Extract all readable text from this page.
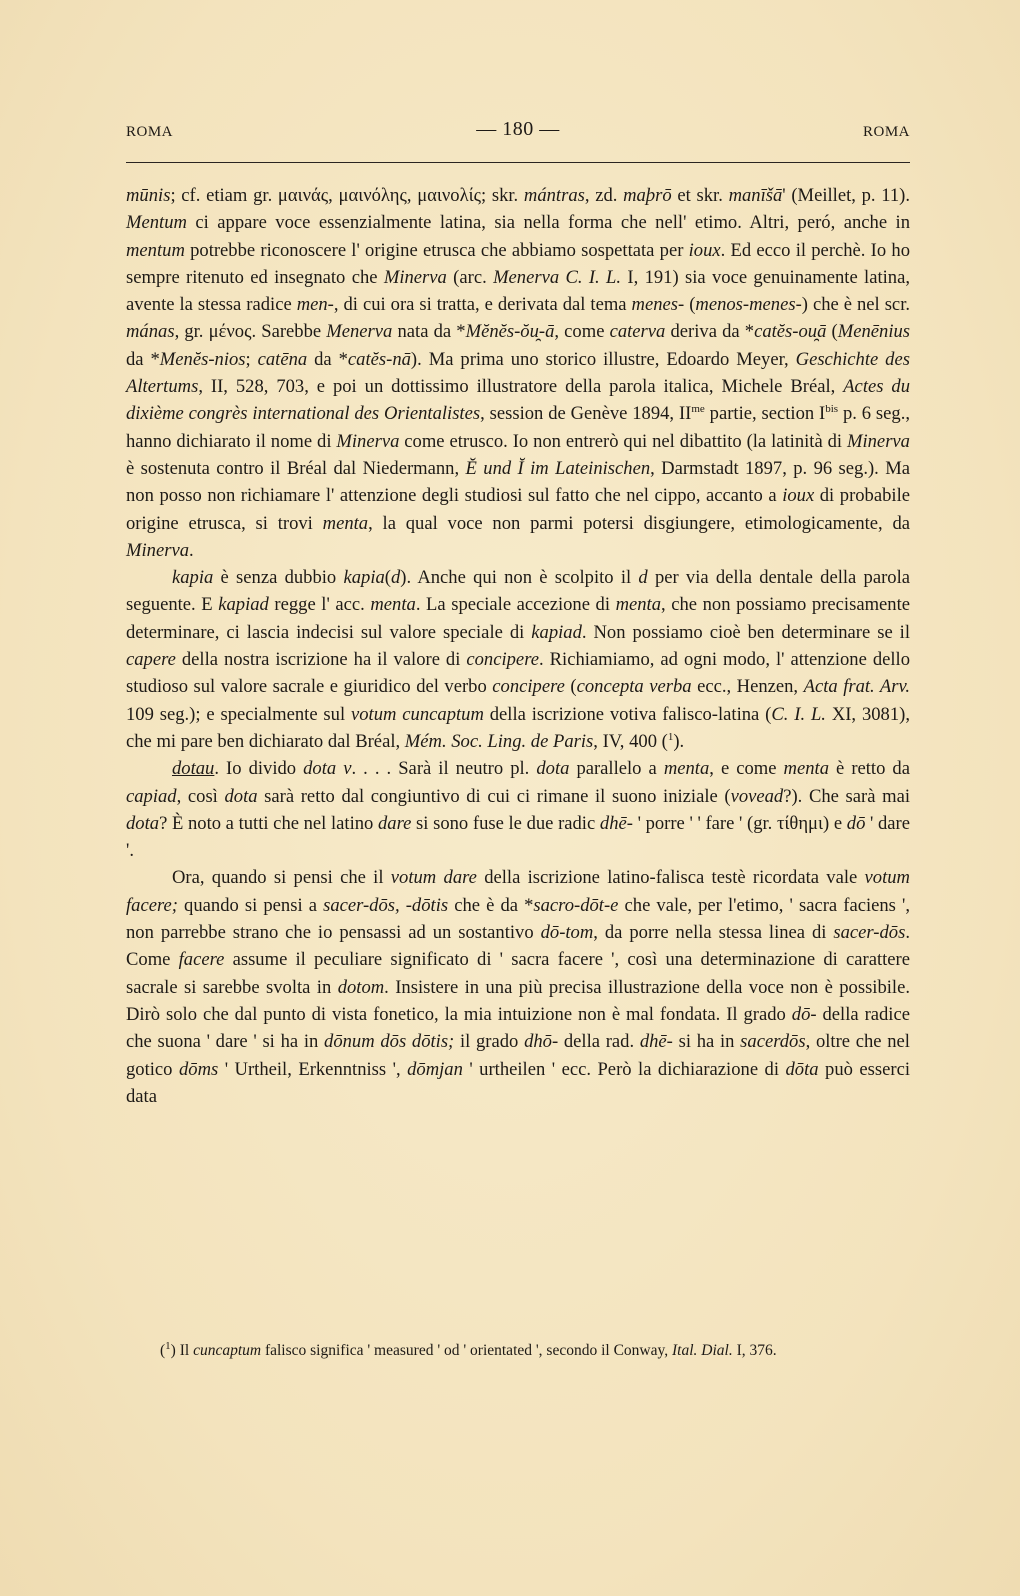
ROMA	— 180 —	ROMA

mūnis; cf. etiam gr. μαινάς, μαινόλης, μαινολίς; skr. mántras, zd. maþrō et skr. manīšā' (Meillet, p. 11). Mentum ci appare voce essenzialmente latina, sia nella forma che nell' etimo. Altri, peró, anche in mentum potrebbe riconoscere l' origine etrusca che abbiamo sospettata per ioux. Ed ecco il perchè. Io ho sempre ritenuto ed insegnato che Minerva (arc. Menerva C. I. L. I, 191) sia voce genuinamente latina, avente la stessa radice men-, di cui ora si tratta, e derivata dal tema menes- (menos-menes-) che è nel scr. mánas, gr. μένος. Sarebbe Menerva nata da *Mĕnĕs-ŏu̯-ā, come caterva deriva da *catĕs-ou̯ā (Menēnius da *Menĕs-nios; catēna da *catĕs-nā). Ma prima uno storico illustre, Edoardo Meyer, Geschichte des Altertums, II, 528, 703, e poi un dottissimo illustratore della parola italica, Michele Bréal, Actes du dixième congrès international des Orientalistes, session de Genève 1894, $II^{me}$ partie, section $I^{bis}$ p. 6 seg., hanno dichiarato il nome di Minerva come etrusco. Io non entrerò qui nel dibattito (la latinità di Minerva è sostenuta contro il Bréal dal Niedermann, Ĕ und Ĭ im Lateinischen, Darmstadt 1897, p. 96 seg.). Ma non posso non richiamare l' attenzione degli studiosi sul fatto che nel cippo, accanto a ioux di probabile origine etrusca, si trovi menta, la qual voce non parmi potersi disgiungere, etimologicamente, da Minerva.

kapia è senza dubbio kapia(d). Anche qui non è scolpito il d per via della dentale della parola seguente. E kapiad regge l' acc. menta. La speciale accezione di menta, che non possiamo precisamente determinare, ci lascia indecisi sul valore speciale di kapiad. Non possiamo cioè ben determinare se il capere della nostra iscrizione ha il valore di concipere. Richiamiamo, ad ogni modo, l' attenzione dello studioso sul valore sacrale e giuridico del verbo concipere (concepta verba ecc., Henzen, Acta frat. Arv. 109 seg.); e specialmente sul votum cuncaptum della iscrizione votiva falisco-latina (C. I. L. XI, 3081), che mi pare ben dichiarato dal Bréal, Mém. Soc. Ling. de Paris, IV, 400 ($^1$).

dotau. Io divido dota v. . . . Sarà il neutro pl. dota parallelo a menta, e come menta è retto da capiad, così dota sarà retto dal congiuntivo di cui ci rimane il suono iniziale (vovead?). Che sarà mai dota? È noto a tutti che nel latino dare si sono fuse le due radic dhē- ' porre ' ' fare ' (gr. τίθημι) e dō ' dare '.

Ora, quando si pensi che il votum dare della iscrizione latino-falisca testè ricordata vale votum facere; quando si pensi a sacer-dōs, -dōtis che è da *sacro-dōt-e che vale, per l'etimo, ' sacra faciens ', non parrebbe strano che io pensassi ad un sostantivo dō-tom, da porre nella stessa linea di sacer-dōs. Come facere assume il peculiare significato di ' sacra facere ', così una determinazione di carattere sacrale si sarebbe svolta in dotom. Insistere in una più precisa illustrazione della voce non è possibile. Dirò solo che dal punto di vista fonetico, la mia intuizione non è mal fondata. Il grado dō- della radice che suona ' dare ' si ha in dōnum dōs dōtis; il grado dhō- della rad. dhē- si ha in sacerdōs, oltre che nel gotico dōms ' Urtheil, Erkenntniss ', dōmjan ' urtheilen ' ecc. Però la dichiarazione di dōta può esserci data

($^1$) Il cuncaptum falisco significa ' measured ' od ' orientated ', secondo il Conway, Ital. Dial. I, 376.
